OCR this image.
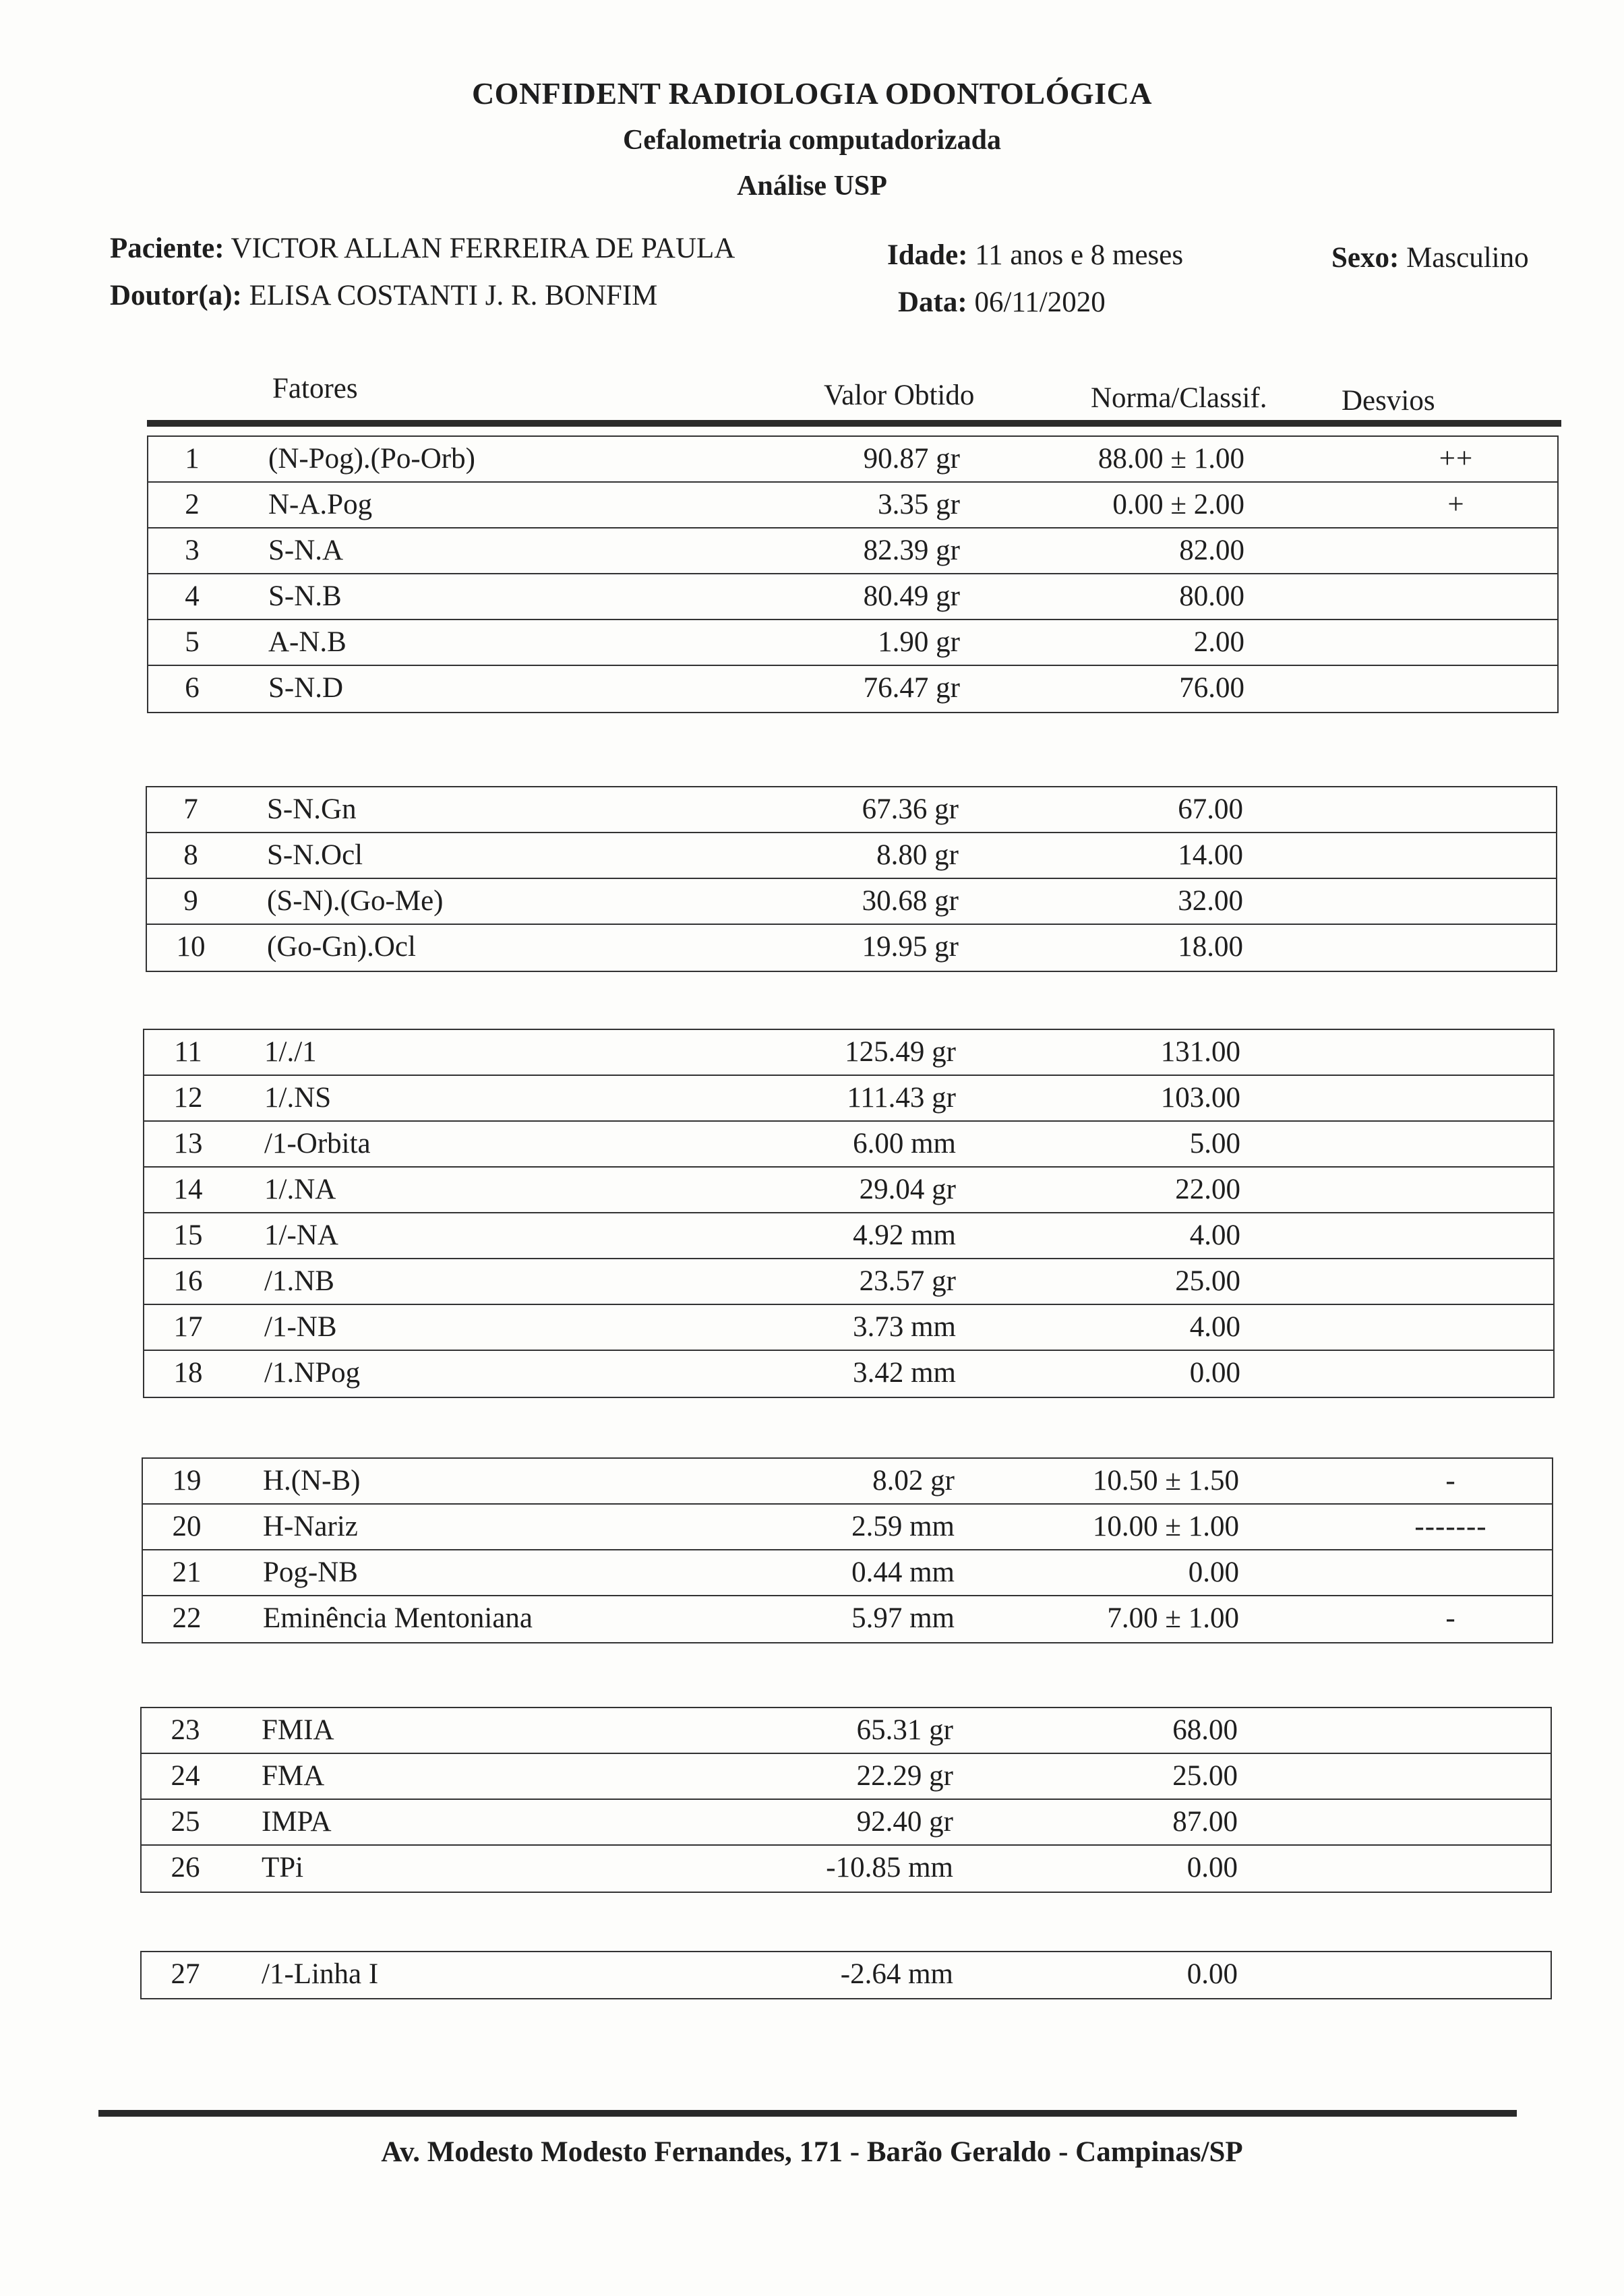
CONFIDENT RADIOLOGIA ODONTOLÓGICA
Cefalometria computadorizada
Análise USP
Paciente: VICTOR ALLAN FERREIRA DE PAULA
Doutor(a): ELISA COSTANTI J. R. BONFIM
Idade: 11 anos e 8 meses
Data: 06/11/2020
Sexo: Masculino
Fatores	Valor Obtido	Norma/Classif.	Desvios
1	(N-Pog).(Po-Orb)	90.87 gr	88.00 ± 1.00	++
2	N-A.Pog	3.35 gr	0.00 ± 2.00	+
3	S-N.A	82.39 gr	82.00
4	S-N.B	80.49 gr	80.00
5	A-N.B	1.90 gr	2.00
6	S-N.D	76.47 gr	76.00
7	S-N.Gn	67.36 gr	67.00
8	S-N.Ocl	8.80 gr	14.00
9	(S-N).(Go-Me)	30.68 gr	32.00
10	(Go-Gn).Ocl	19.95 gr	18.00
11	1/./1	125.49 gr	131.00
12	1/.NS	111.43 gr	103.00
13	/1-Orbita	6.00 mm	5.00
14	1/.NA	29.04 gr	22.00
15	1/-NA	4.92 mm	4.00
16	/1.NB	23.57 gr	25.00
17	/1-NB	3.73 mm	4.00
18	/1.NPog	3.42 mm	0.00
19	H.(N-B)	8.02 gr	10.50 ± 1.50	-
20	H-Nariz	2.59 mm	10.00 ± 1.00	-------
21	Pog-NB	0.44 mm	0.00
22	Eminência Mentoniana	5.97 mm	7.00 ± 1.00	-
23	FMIA	65.31 gr	68.00
24	FMA	22.29 gr	25.00
25	IMPA	92.40 gr	87.00
26	TPi	-10.85 mm	0.00
27	/1-Linha I	-2.64 mm	0.00
Av. Modesto Modesto Fernandes, 171 - Barão Geraldo - Campinas/SP
